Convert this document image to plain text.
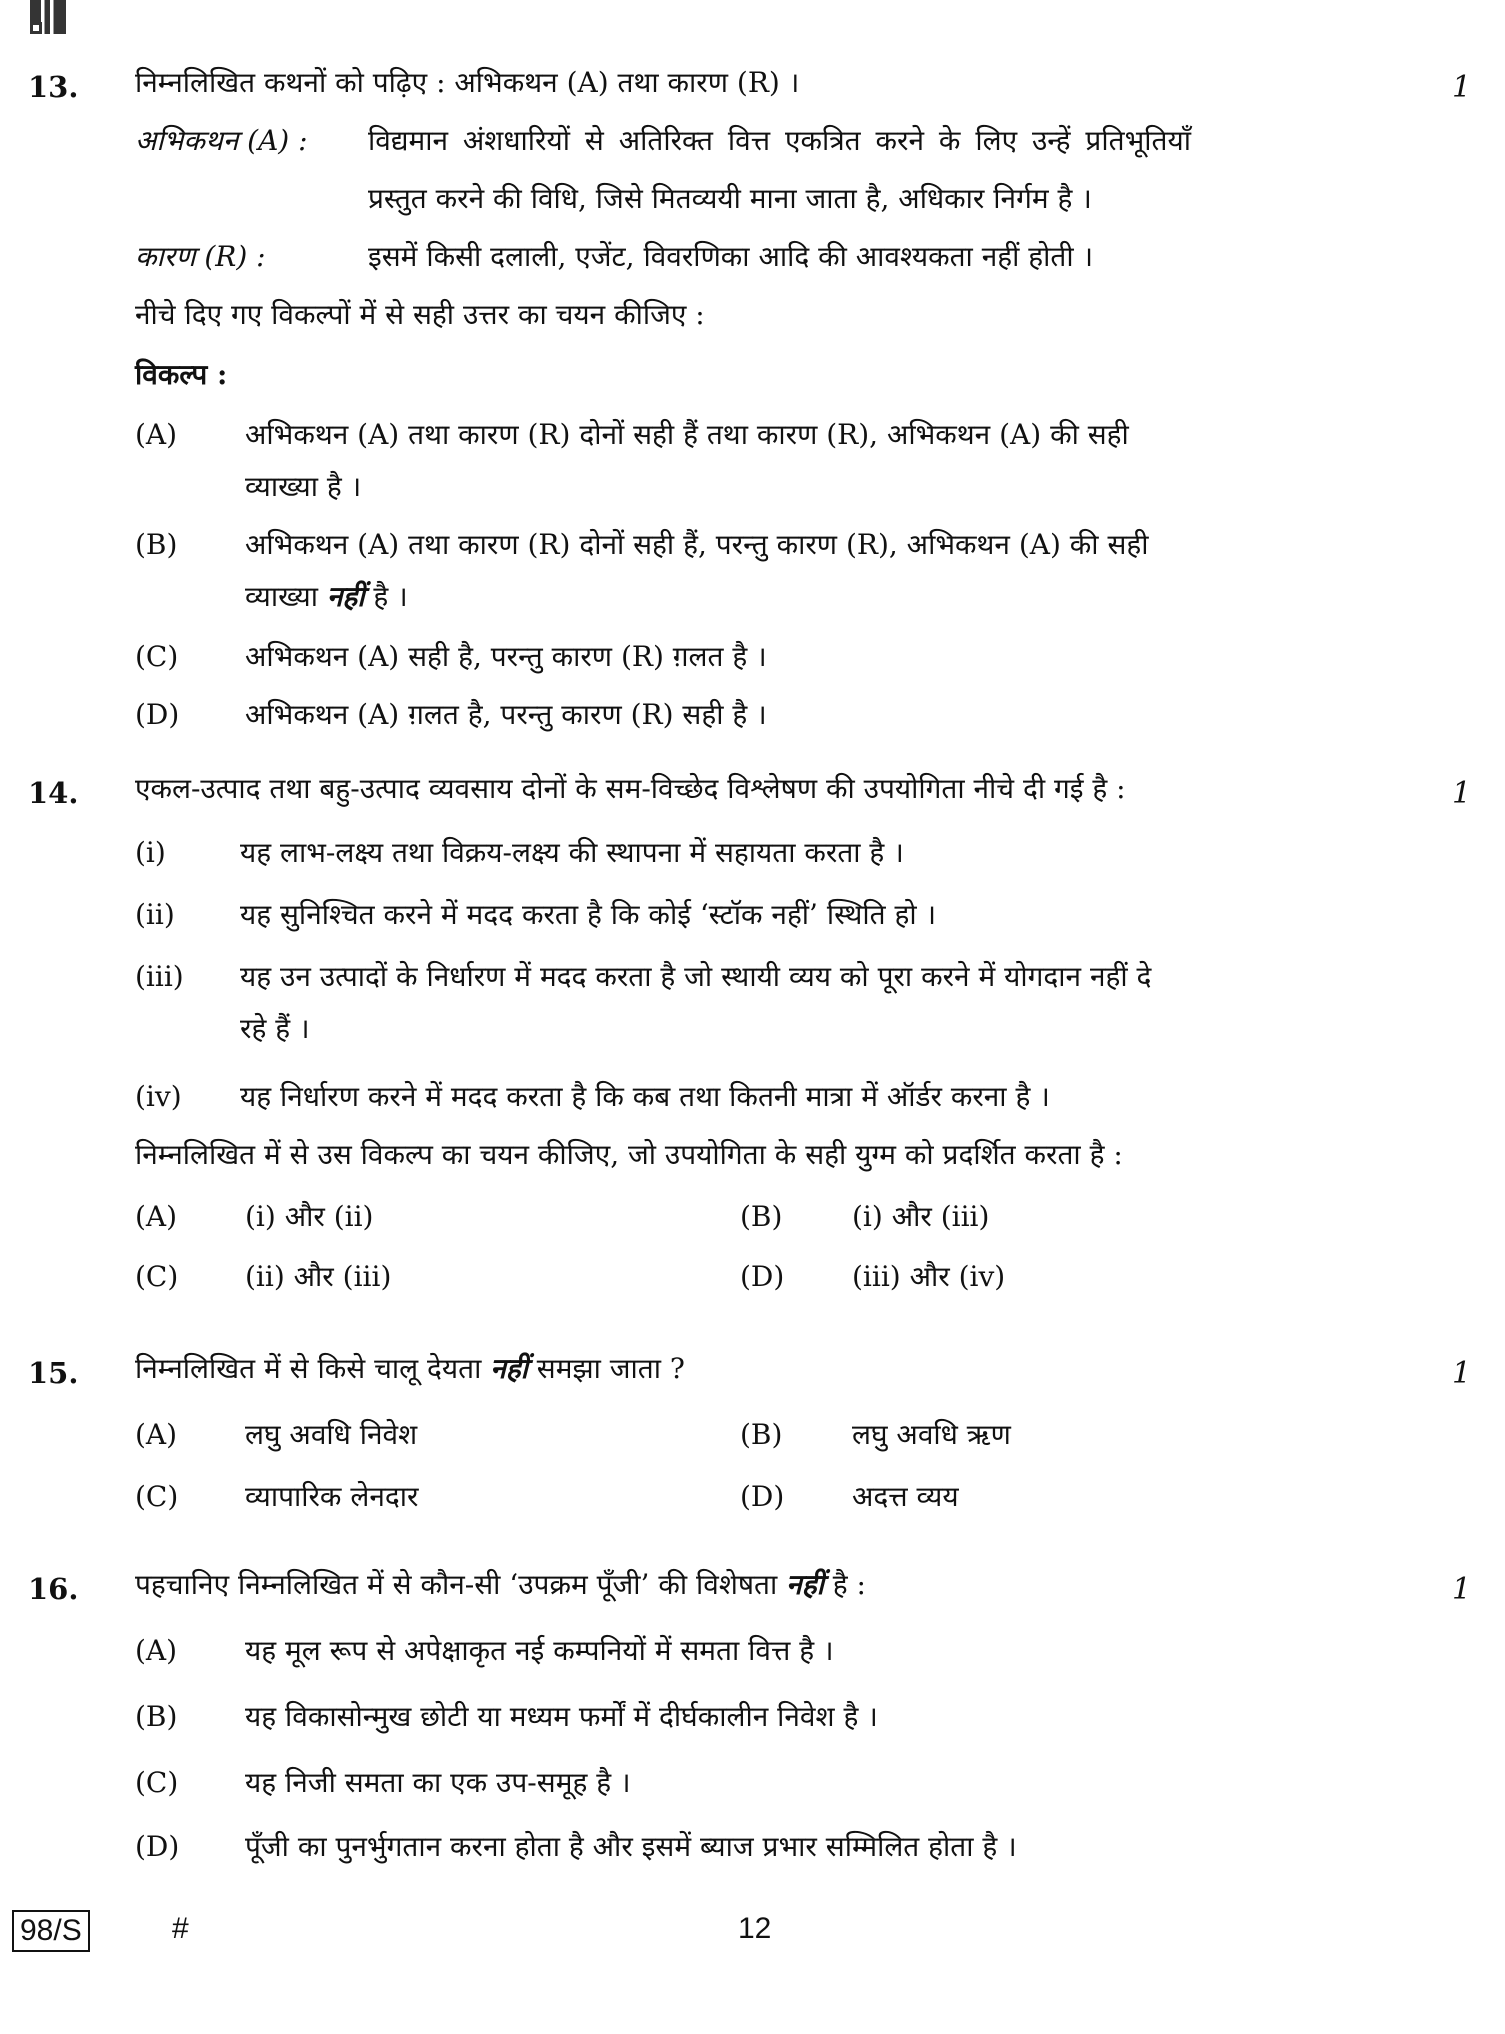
13. निम्नलिखित कथनों को पढ़िए : अभिकथन (A) तथा कारण (R) ।	1
अभिकथन (A) : विद्यमान अंशधारियों से अतिरिक्त वित्त एकत्रित करने के लिए उन्हें प्रतिभूतियाँ
प्रस्तुत करने की विधि, जिसे मितव्ययी माना जाता है, अधिकार निर्गम है ।
कारण (R) :	इसमें किसी दलाली, एजेंट, विवरणिका आदि की आवश्यकता नहीं होती ।
नीचे दिए गए विकल्पों में से सही उत्तर का चयन कीजिए :
विकल्प :
(A) अभिकथन (A) तथा कारण (R) दोनों सही हैं तथा कारण (R), अभिकथन (A) की सही
व्याख्या है ।
(B) अभिकथन (A) तथा कारण (R) दोनों सही हैं, परन्तु कारण (R), अभिकथन (A) की सही
व्याख्या नहीं है ।
(C) अभिकथन (A) सही है, परन्तु कारण (R) ग़लत है ।
(D) अभिकथन (A) ग़लत है, परन्तु कारण (R) सही है ।
14. एकल-उत्पाद तथा बहु-उत्पाद व्यवसाय दोनों के सम-विच्छेद विश्लेषण की उपयोगिता नीचे दी गई है :	1
(i)	यह लाभ-लक्ष्य तथा विक्रय-लक्ष्य की स्थापना में सहायता करता है ।
(ii) यह सुनिश्चित करने में मदद करता है कि कोई ‘स्टॉक नहीं’ स्थिति हो ।
(iii) यह उन उत्पादों के निर्धारण में मदद करता है जो स्थायी व्यय को पूरा करने में योगदान नहीं दे
रहे हैं ।
(iv) यह निर्धारण करने में मदद करता है कि कब तथा कितनी मात्रा में ऑर्डर करना है ।
निम्नलिखित में से उस विकल्प का चयन कीजिए, जो उपयोगिता के सही युग्म को प्रदर्शित करता है :
(A) (i) और (ii)	(B) (i) और (iii)
(C) (ii) और (iii)	(D) (iii) और (iv)
15. निम्नलिखित में से किसे चालू देयता नहीं समझा जाता ?	1
(A) लघु अवधि निवेश	(B) लघु अवधि ऋण
(C) व्यापारिक लेनदार	(D) अदत्त व्यय
16. पहचानिए निम्नलिखित में से कौन-सी ‘उपक्रम पूँजी’ की विशेषता नहीं है :	1
(A) यह मूल रूप से अपेक्षाकृत नई कम्पनियों में समता वित्त है ।
(B) यह विकासोन्मुख छोटी या मध्यम फर्मों में दीर्घकालीन निवेश है ।
(C) यह निजी समता का एक उप-समूह है ।
(D) पूँजी का पुनर्भुगतान करना होता है और इसमें ब्याज प्रभार सम्मिलित होता है ।
98/S	#	12
